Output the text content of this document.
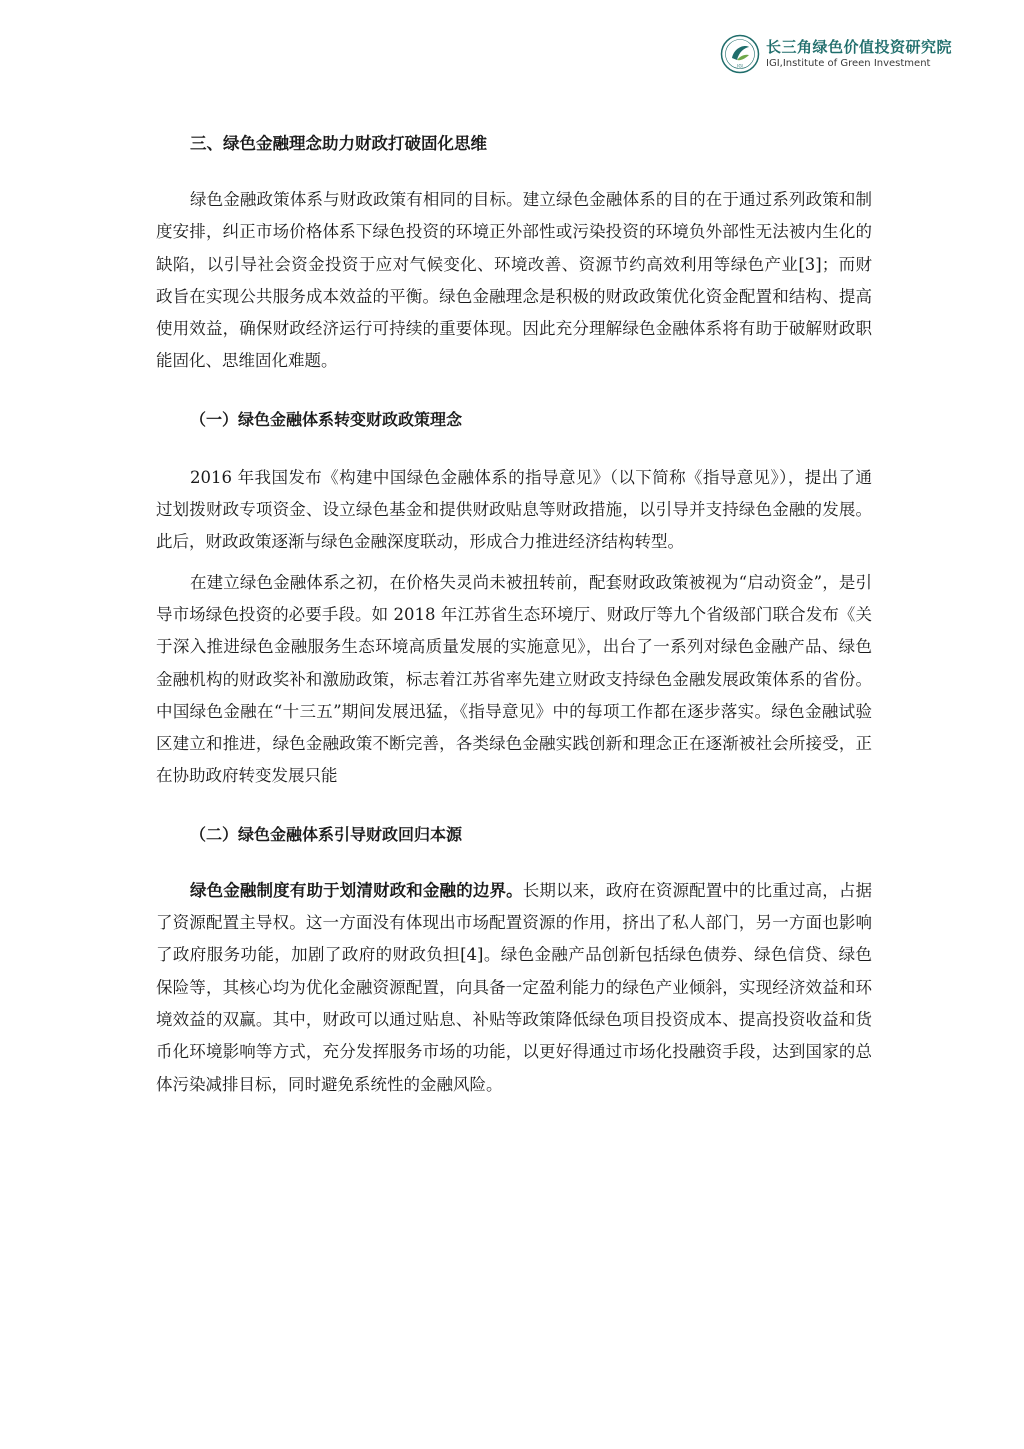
IGI
长三角绿色价值投资研究院
IGI,Institute of Green Investment
三、绿色金融理念助力财政打破固化思维

绿色金融政策体系与财政政策有相同的目标。建立绿色金融体系的目的在于通过系列政策和制度安排，纠正市场价格体系下绿色投资的环境正外部性或污染投资的环境负外部性无法被内生化的缺陷，以引导社会资金投资于应对气候变化、环境改善、资源节约高效利用等绿色产业[3]；而财政旨在实现公共服务成本效益的平衡。绿色金融理念是积极的财政政策优化资金配置和结构、提高使用效益，确保财政经济运行可持续的重要体现。因此充分理解绿色金融体系将有助于破解财政职能固化、思维固化难题。

（一）绿色金融体系转变财政政策理念

2016 年我国发布《构建中国绿色金融体系的指导意见》（以下简称《指导意见》），提出了通过划拨财政专项资金、设立绿色基金和提供财政贴息等财政措施，以引导并支持绿色金融的发展。此后，财政政策逐渐与绿色金融深度联动，形成合力推进经济结构转型。

在建立绿色金融体系之初，在价格失灵尚未被扭转前，配套财政政策被视为“启动资金”，是引导市场绿色投资的必要手段。如 2018 年江苏省生态环境厅、财政厅等九个省级部门联合发布《关于深入推进绿色金融服务生态环境高质量发展的实施意见》，出台了一系列对绿色金融产品、绿色金融机构的财政奖补和激励政策，标志着江苏省率先建立财政支持绿色金融发展政策体系的省份。中国绿色金融在“十三五”期间发展迅猛，《指导意见》中的每项工作都在逐步落实。绿色金融试验区建立和推进，绿色金融政策不断完善，各类绿色金融实践创新和理念正在逐渐被社会所接受，正在协助政府转变发展只能

（二）绿色金融体系引导财政回归本源

绿色金融制度有助于划清财政和金融的边界。长期以来，政府在资源配置中的比重过高，占据了资源配置主导权。这一方面没有体现出市场配置资源的作用，挤出了私人部门，另一方面也影响了政府服务功能，加剧了政府的财政负担[4]。绿色金融产品创新包括绿色债券、绿色信贷、绿色保险等，其核心均为优化金融资源配置，向具备一定盈利能力的绿色产业倾斜，实现经济效益和环境效益的双赢。其中，财政可以通过贴息、补贴等政策降低绿色项目投资成本、提高投资收益和货币化环境影响等方式，充分发挥服务市场的功能，以更好得通过市场化投融资手段，达到国家的总体污染减排目标，同时避免系统性的金融风险。
